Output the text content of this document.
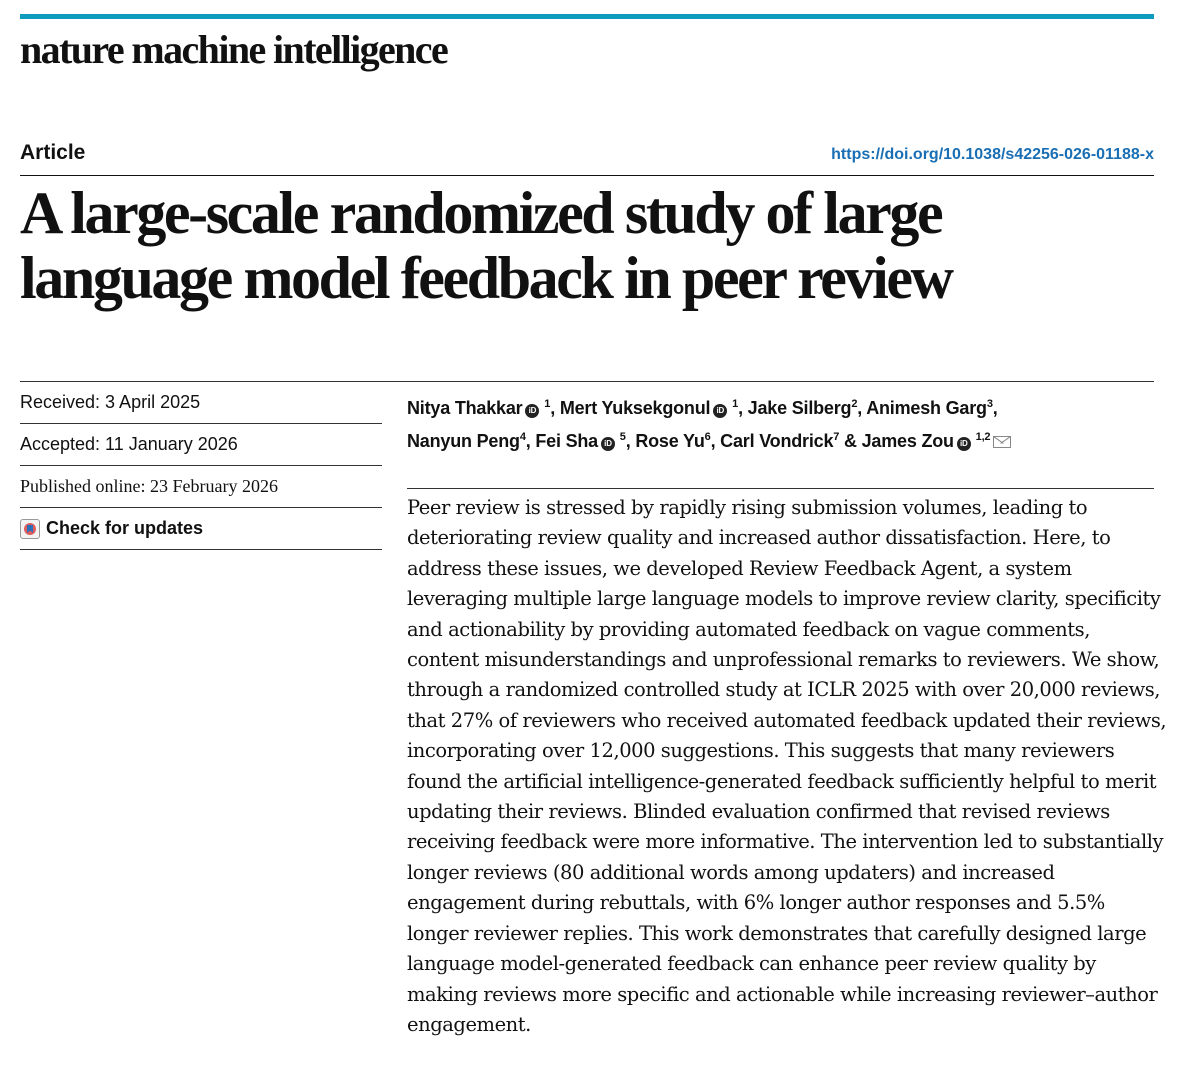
nature machine intelligence
Article	https://doi.org/10.1038/s42256-026-01188-x
A large-scale randomized study of large language model feedback in peer review
Received: 3 April 2025
Accepted: 11 January 2026
Published online: 23 February 2026
Check for updates
Nitya Thakkar iD $^1$, Mert Yuksekgonul iD $^1$, Jake Silberg$^2$, Animesh Garg$^3$,
Nanyun Peng$^4$, Fei Sha iD $^5$, Rose Yu$^6$, Carl Vondrick$^7$ & James Zou iD $^{1,2}$

Peer review is stressed by rapidly rising submission volumes, leading to deteriorating review quality and increased author dissatisfaction. Here, to address these issues, we developed Review Feedback Agent, a system leveraging multiple large language models to improve review clarity, specificity and actionability by providing automated feedback on vague comments, content misunderstandings and unprofessional remarks to reviewers. We show, through a randomized controlled study at ICLR 2025 with over 20,000 reviews, that 27% of reviewers who received automated feedback updated their reviews, incorporating over 12,000 suggestions. This suggests that many reviewers found the artificial intelligence-generated feedback sufficiently helpful to merit updating their reviews. Blinded evaluation confirmed that revised reviews receiving feedback were more informative. The intervention led to substantially longer reviews (80 additional words among updaters) and increased engagement during rebuttals, with 6% longer author responses and 5.5% longer reviewer replies. This work demonstrates that carefully designed large language model-generated feedback can enhance peer review quality by making reviews more specific and actionable while increasing reviewer–author engagement.
